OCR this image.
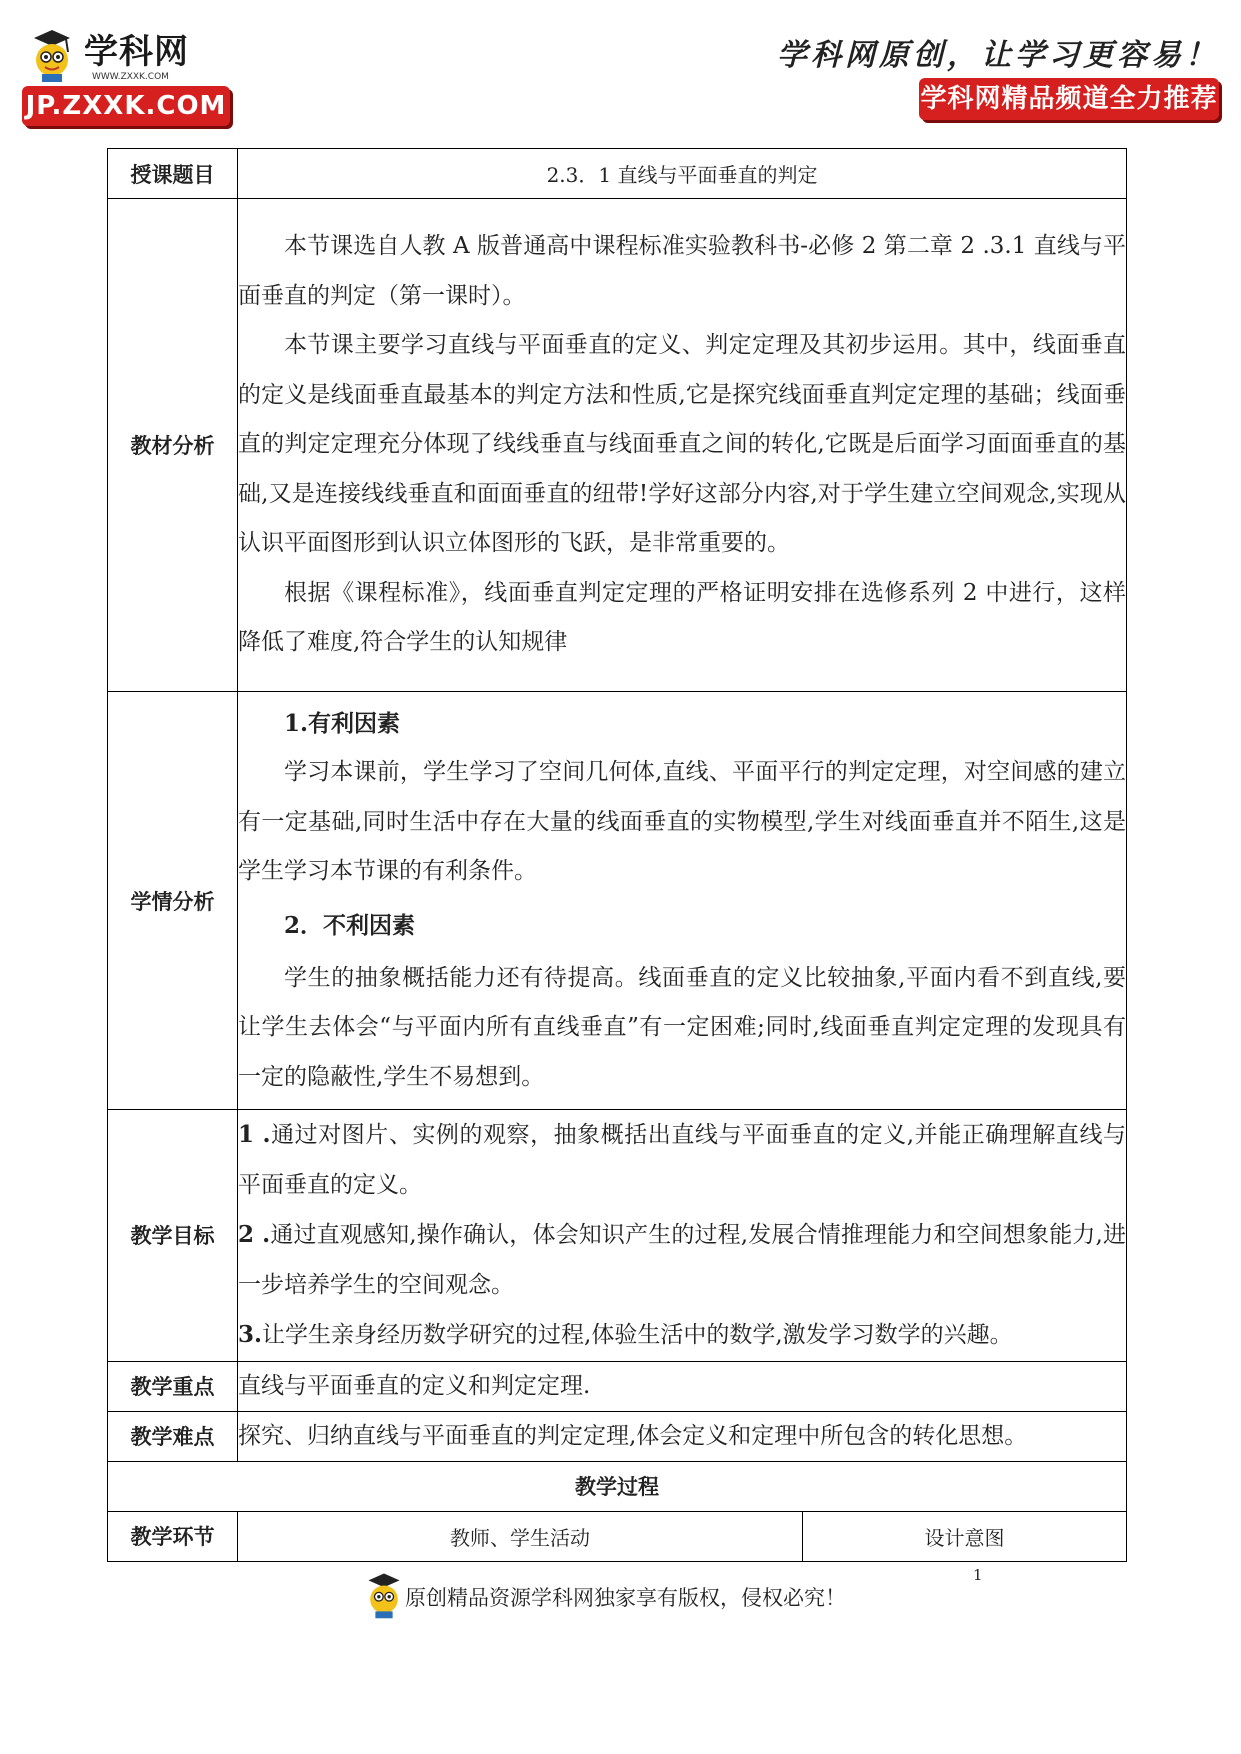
学科网
WWW.ZXXK.COM
JP.ZXXK.COM
学科网原创，让学习更容易！
学科网精品频道全力推荐
授课题目	2.3．1 直线与平面垂直的判定	
教材分析	本节课选自人教 A 版普通高中课程标准实验教科书-必修 2 第二章 2 .3.1 直线与平面垂直的判定（第一课时）。

本节课主要学习直线与平面垂直的定义、判定定理及其初步运用。其中，线面垂直的定义是线面垂直最基本的判定方法和性质,它是探究线面垂直判定定理的基础；线面垂直的判定定理充分体现了线线垂直与线面垂直之间的转化,它既是后面学习面面垂直的基础,又是连接线线垂直和面面垂直的纽带!学好这部分内容,对于学生建立空间观念,实现从认识平面图形到认识立体图形的飞跃，是非常重要的。

根据《课程标准》，线面垂直判定定理的严格证明安排在选修系列 2 中进行，这样降低了难度,符合学生的认知规律	

学情分析	1.有利因素

学习本课前，学生学习了空间几何体,直线、平面平行的判定定理，对空间感的建立有一定基础,同时生活中存在大量的线面垂直的实物模型,学生对线面垂直并不陌生,这是学生学习本节课的有利条件。

2．不利因素

学生的抽象概括能力还有待提高。线面垂直的定义比较抽象,平面内看不到直线,要让学生去体会“与平面内所有直线垂直”有一定困难;同时,线面垂直判定定理的发现具有一定的隐蔽性,学生不易想到。	

教学目标	1 .通过对图片、实例的观察，抽象概括出直线与平面垂直的定义,并能正确理解直线与平面垂直的定义。

2 .通过直观感知,操作确认，体会知识产生的过程,发展合情推理能力和空间想象能力,进一步培养学生的空间观念。

3.让学生亲身经历数学研究的过程,体验生活中的数学,激发学习数学的兴趣。	

教学重点	直线与平面垂直的定义和判定定理.	

教学难点	探究、归纳直线与平面垂直的判定定理,体会定义和定理中所包含的转化思想。	

教学过程		
教学环节	教师、学生活动	设计意图
原创精品资源学科网独家享有版权，侵权必究！
1
